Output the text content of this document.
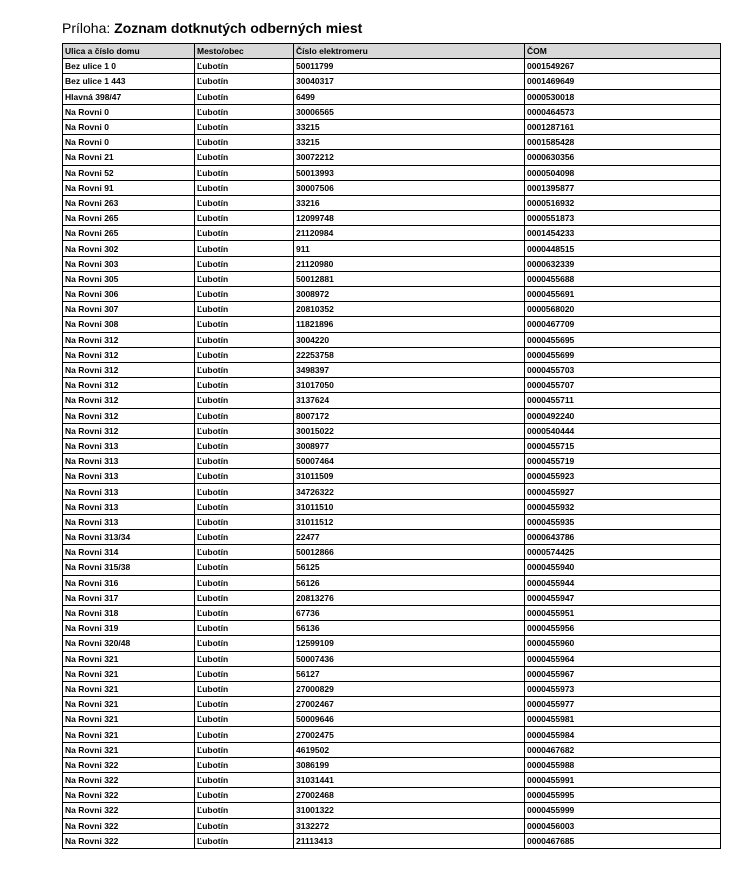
Príloha: Zoznam dotknutých odberných miest
Ulica a číslo domu	Mesto/obec	Číslo elektromeru	ČOM
Bez ulice 1 0	Ľubotín	50011799	0001549267
Bez ulice 1 443	Ľubotín	30040317	0001469649
Hlavná 398/47	Ľubotín	6499	0000530018
Na Rovni 0	Ľubotín	30006565	0000464573
Na Rovni 0	Ľubotín	33215	0001287161
Na Rovni 0	Ľubotín	33215	0001585428
Na Rovni 21	Ľubotín	30072212	0000630356
Na Rovni 52	Ľubotín	50013993	0000504098
Na Rovni 91	Ľubotín	30007506	0001395877
Na Rovni 263	Ľubotín	33216	0000516932
Na Rovni 265	Ľubotín	12099748	0000551873
Na Rovni 265	Ľubotín	21120984	0001454233
Na Rovni 302	Ľubotín	911	0000448515
Na Rovni 303	Ľubotín	21120980	0000632339
Na Rovni 305	Ľubotín	50012881	0000455688
Na Rovni 306	Ľubotín	3008972	0000455691
Na Rovni 307	Ľubotín	20810352	0000568020
Na Rovni 308	Ľubotín	11821896	0000467709
Na Rovni 312	Ľubotín	3004220	0000455695
Na Rovni 312	Ľubotín	22253758	0000455699
Na Rovni 312	Ľubotín	3498397	0000455703
Na Rovni 312	Ľubotín	31017050	0000455707
Na Rovni 312	Ľubotín	3137624	0000455711
Na Rovni 312	Ľubotín	8007172	0000492240
Na Rovni 312	Ľubotín	30015022	0000540444
Na Rovni 313	Ľubotín	3008977	0000455715
Na Rovni 313	Ľubotín	50007464	0000455719
Na Rovni 313	Ľubotín	31011509	0000455923
Na Rovni 313	Ľubotín	34726322	0000455927
Na Rovni 313	Ľubotín	31011510	0000455932
Na Rovni 313	Ľubotín	31011512	0000455935
Na Rovni 313/34	Ľubotín	22477	0000643786
Na Rovni 314	Ľubotín	50012866	0000574425
Na Rovni 315/38	Ľubotín	56125	0000455940
Na Rovni 316	Ľubotín	56126	0000455944
Na Rovni 317	Ľubotín	20813276	0000455947
Na Rovni 318	Ľubotín	67736	0000455951
Na Rovni 319	Ľubotín	56136	0000455956
Na Rovni 320/48	Ľubotín	12599109	0000455960
Na Rovni 321	Ľubotín	50007436	0000455964
Na Rovni 321	Ľubotín	56127	0000455967
Na Rovni 321	Ľubotín	27000829	0000455973
Na Rovni 321	Ľubotín	27002467	0000455977
Na Rovni 321	Ľubotín	50009646	0000455981
Na Rovni 321	Ľubotín	27002475	0000455984
Na Rovni 321	Ľubotín	4619502	0000467682
Na Rovni 322	Ľubotín	3086199	0000455988
Na Rovni 322	Ľubotín	31031441	0000455991
Na Rovni 322	Ľubotín	27002468	0000455995
Na Rovni 322	Ľubotín	31001322	0000455999
Na Rovni 322	Ľubotín	3132272	0000456003
Na Rovni 322	Ľubotín	21113413	0000467685
